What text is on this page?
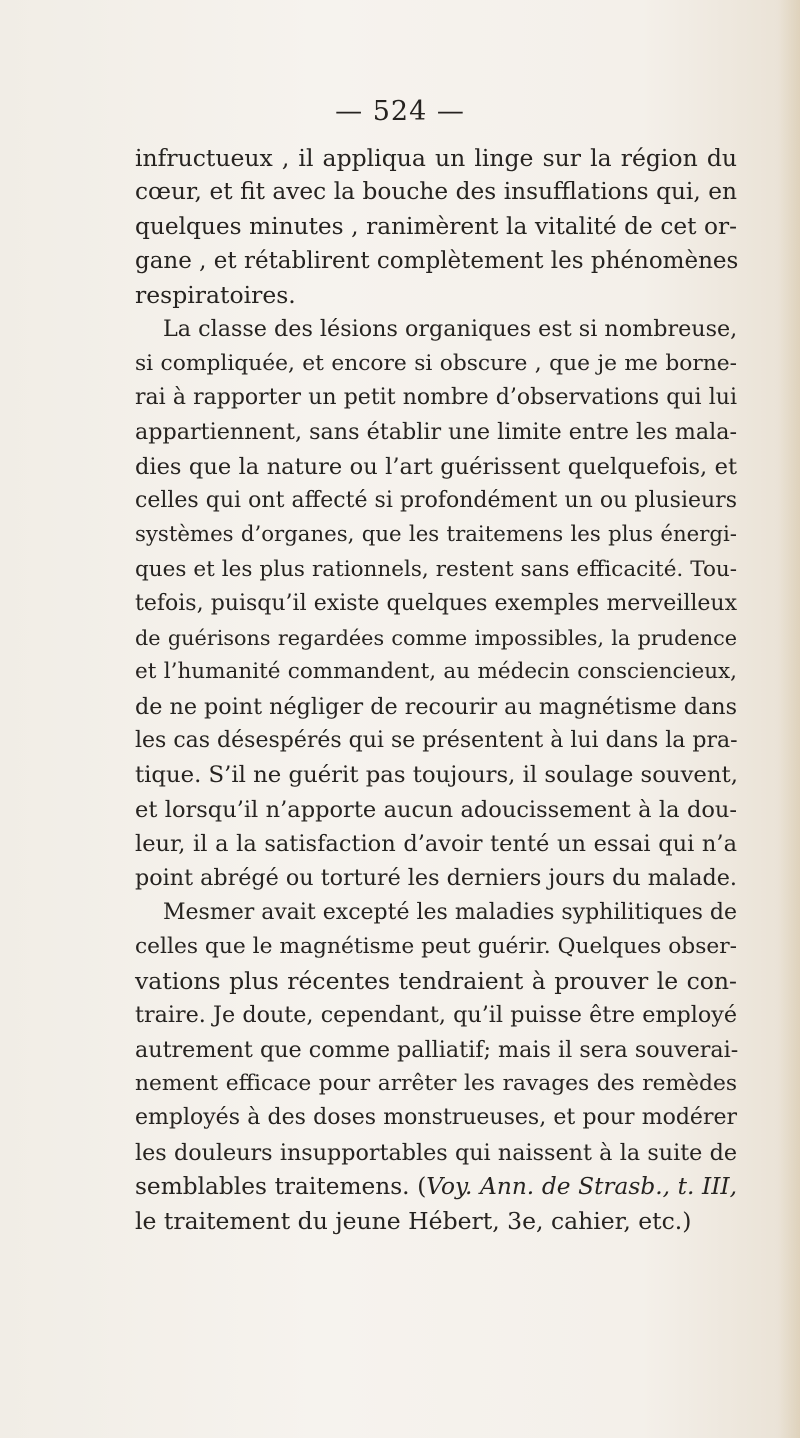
— 524 —
infructueux , il appliqua un linge sur la région du
cœur, et fit avec la bouche des insufflations qui, en
quelques minutes , ranimèrent la vitalité de cet or-
gane , et rétablirent complètement les phénomènes
respiratoires.
La classe des lésions organiques est si nombreuse,
si compliquée, et encore si obscure , que je me borne-
rai à rapporter un petit nombre d’observations qui lui
appartiennent, sans établir une limite entre les mala-
dies que la nature ou l’art guérissent quelquefois, et
celles qui ont affecté si profondément un ou plusieurs
systèmes d’organes, que les traitemens les plus énergi-
ques et les plus rationnels, restent sans efficacité. Tou-
tefois, puisqu’il existe quelques exemples merveilleux
de guérisons regardées comme impossibles, la prudence
et l’humanité commandent, au médecin consciencieux,
de ne point négliger de recourir au magnétisme dans
les cas désespérés qui se présentent à lui dans la pra-
tique. S’il ne guérit pas toujours, il soulage souvent,
et lorsqu’il n’apporte aucun adoucissement à la dou-
leur, il a la satisfaction d’avoir tenté un essai qui n’a
point abrégé ou torturé les derniers jours du malade.
Mesmer avait excepté les maladies syphilitiques de
celles que le magnétisme peut guérir. Quelques obser-
vations plus récentes tendraient à prouver le con-
traire. Je doute, cependant, qu’il puisse être employé
autrement que comme palliatif; mais il sera souverai-
nement efficace pour arrêter les ravages des remèdes
employés à des doses monstrueuses, et pour modérer
les douleurs insupportables qui naissent à la suite de
semblables traitemens. (Voy. Ann. de Strasb., t. III,
le traitement du jeune Hébert, 3e, cahier, etc.)
